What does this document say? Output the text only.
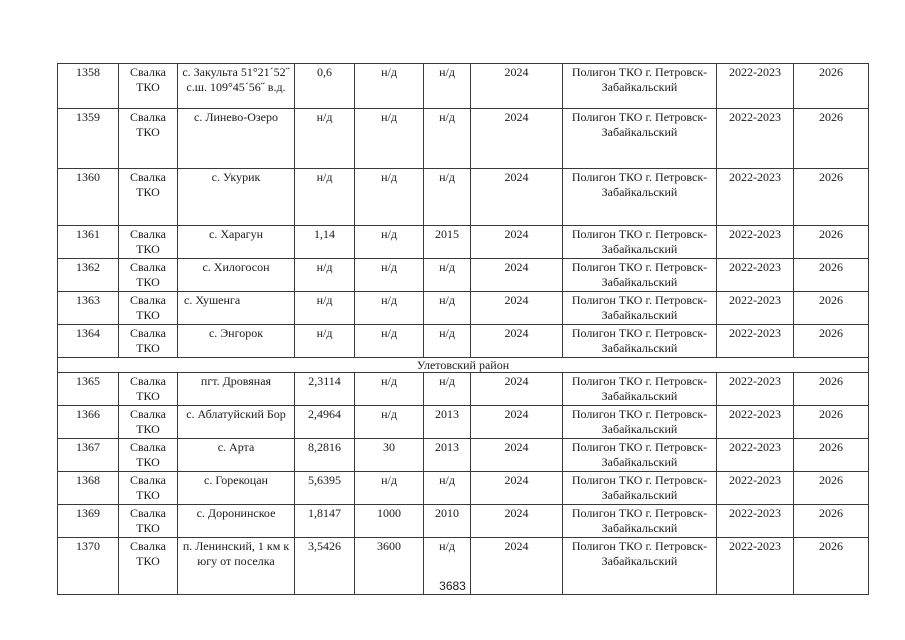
1358	Свалка ТКО	с. Закульта 51°21´52˝ с.ш. 109°45´56˝ в.д.	0,6	н/д	н/д	2024	Полигон ТКО г. Петровск-Забайкальский	2022-2023	2026
1359	Свалка ТКО	с. Линево-Озеро	н/д	н/д	н/д	2024	Полигон ТКО г. Петровск-Забайкальский	2022-2023	2026
1360	Свалка ТКО	с. Укурик	н/д	н/д	н/д	2024	Полигон ТКО г. Петровск-Забайкальский	2022-2023	2026
1361	Свалка ТКО	с. Харагун	1,14	н/д	2015	2024	Полигон ТКО г. Петровск-Забайкальский	2022-2023	2026
1362	Свалка ТКО	с. Хилогосон	н/д	н/д	н/д	2024	Полигон ТКО г. Петровск-Забайкальский	2022-2023	2026
1363	Свалка ТКО	с. Хушенга	н/д	н/д	н/д	2024	Полигон ТКО г. Петровск-Забайкальский	2022-2023	2026
1364	Свалка ТКО	с. Энгорок	н/д	н/д	н/д	2024	Полигон ТКО г. Петровск-Забайкальский	2022-2023	2026
Улетовский район									
1365	Свалка ТКО	пгт. Дровяная	2,3114	н/д	н/д	2024	Полигон ТКО г. Петровск-Забайкальский	2022-2023	2026
1366	Свалка ТКО	с. Аблатуйский Бор	2,4964	н/д	2013	2024	Полигон ТКО г. Петровск-Забайкальский	2022-2023	2026
1367	Свалка ТКО	с. Арта	8,2816	30	2013	2024	Полигон ТКО г. Петровск-Забайкальский	2022-2023	2026
1368	Свалка ТКО	с. Горекоцан	5,6395	н/д	н/д	2024	Полигон ТКО г. Петровск-Забайкальский	2022-2023	2026
1369	Свалка ТКО	с. Доронинское	1,8147	1000	2010	2024	Полигон ТКО г. Петровск-Забайкальский	2022-2023	2026
1370	Свалка ТКО	п. Ленинский, 1 км к югу от поселка	3,5426	3600	н/д	2024	Полигон ТКО г. Петровск-Забайкальский	2022-2023	2026
3683
